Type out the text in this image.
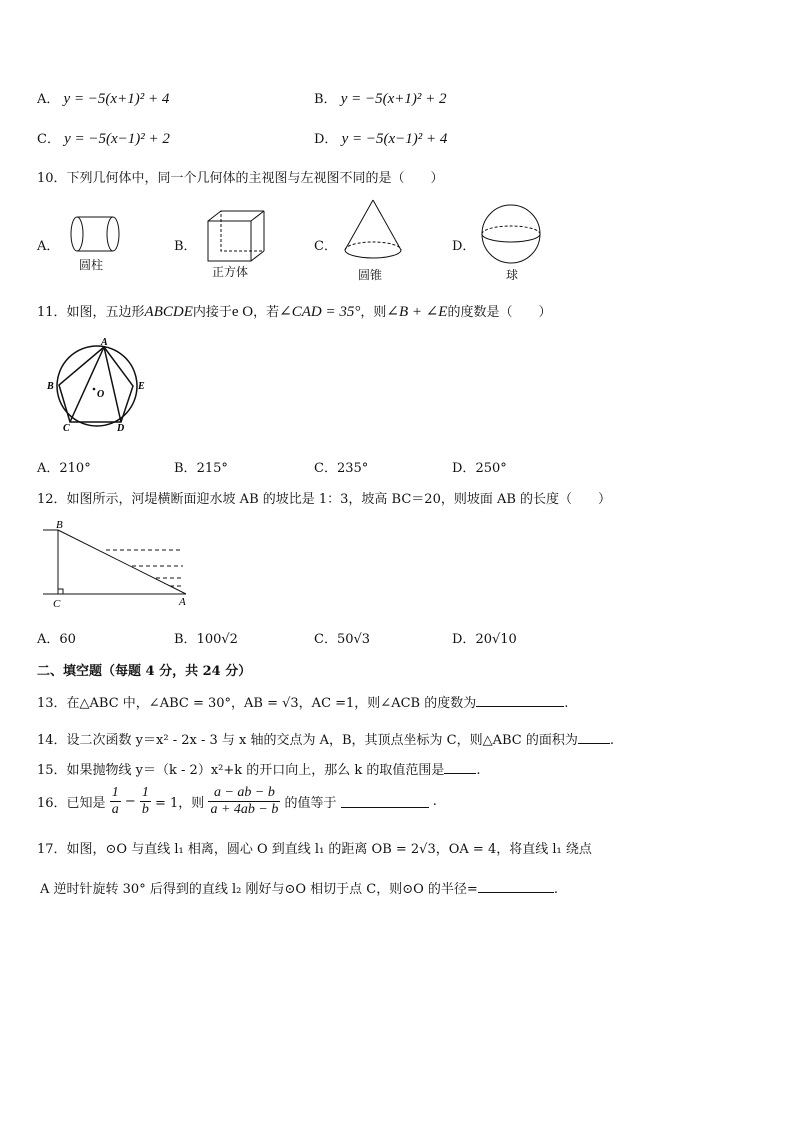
A． y = −5(x+1)² + 4	B． y = −5(x+1)² + 2
C． y = −5(x−1)² + 2	D． y = −5(x−1)² + 4
10．下列几何体中，同一个几何体的主视图与左视图不同的是（　　）
A．
圆柱
B．
正方体
C．
圆锥
D．
球
11．如图，五边形ABCDE内接于e O，若∠CAD = 35°，则∠B + ∠E的度数是（　　）
A
B
C	D
E
O
A．210°	B．215°	C．235°	D．250°
12．如图所示，河堤横断面迎水坡 AB 的坡比是 1：3，坡高 BC＝20，则坡面 AB 的长度（　　）
B
C	A
A．60	B．100√2	C．50√3	D．20√10
二、填空题（每题 4 分，共 24 分）
13．在△ABC 中，∠ABC = 30°，AB = √3，AC =1，则∠ACB 的度数为	.
14．设二次函数 y＝x² - 2x - 3 与 x 轴的交点为 A，B，其顶点坐标为 C，则△ABC 的面积为 .
15．如果抛物线 y＝（k - 2）x²+k 的开口向上，那么 k 的取值范围是 .
16．已知是 $\frac{1}{a} - \frac{1}{b} = 1$，则 $\frac{a - ab - b}{a + 4ab - b}$ 的值等于	.
17．如图，⊙O 与直线 l₁ 相离，圆心 O 到直线 l₁ 的距离 OB = 2√3，OA = 4，将直线 l₁ 绕点
A 逆时针旋转 30° 后得到的直线 l₂ 刚好与⊙O 相切于点 C，则⊙O 的半径=	.
